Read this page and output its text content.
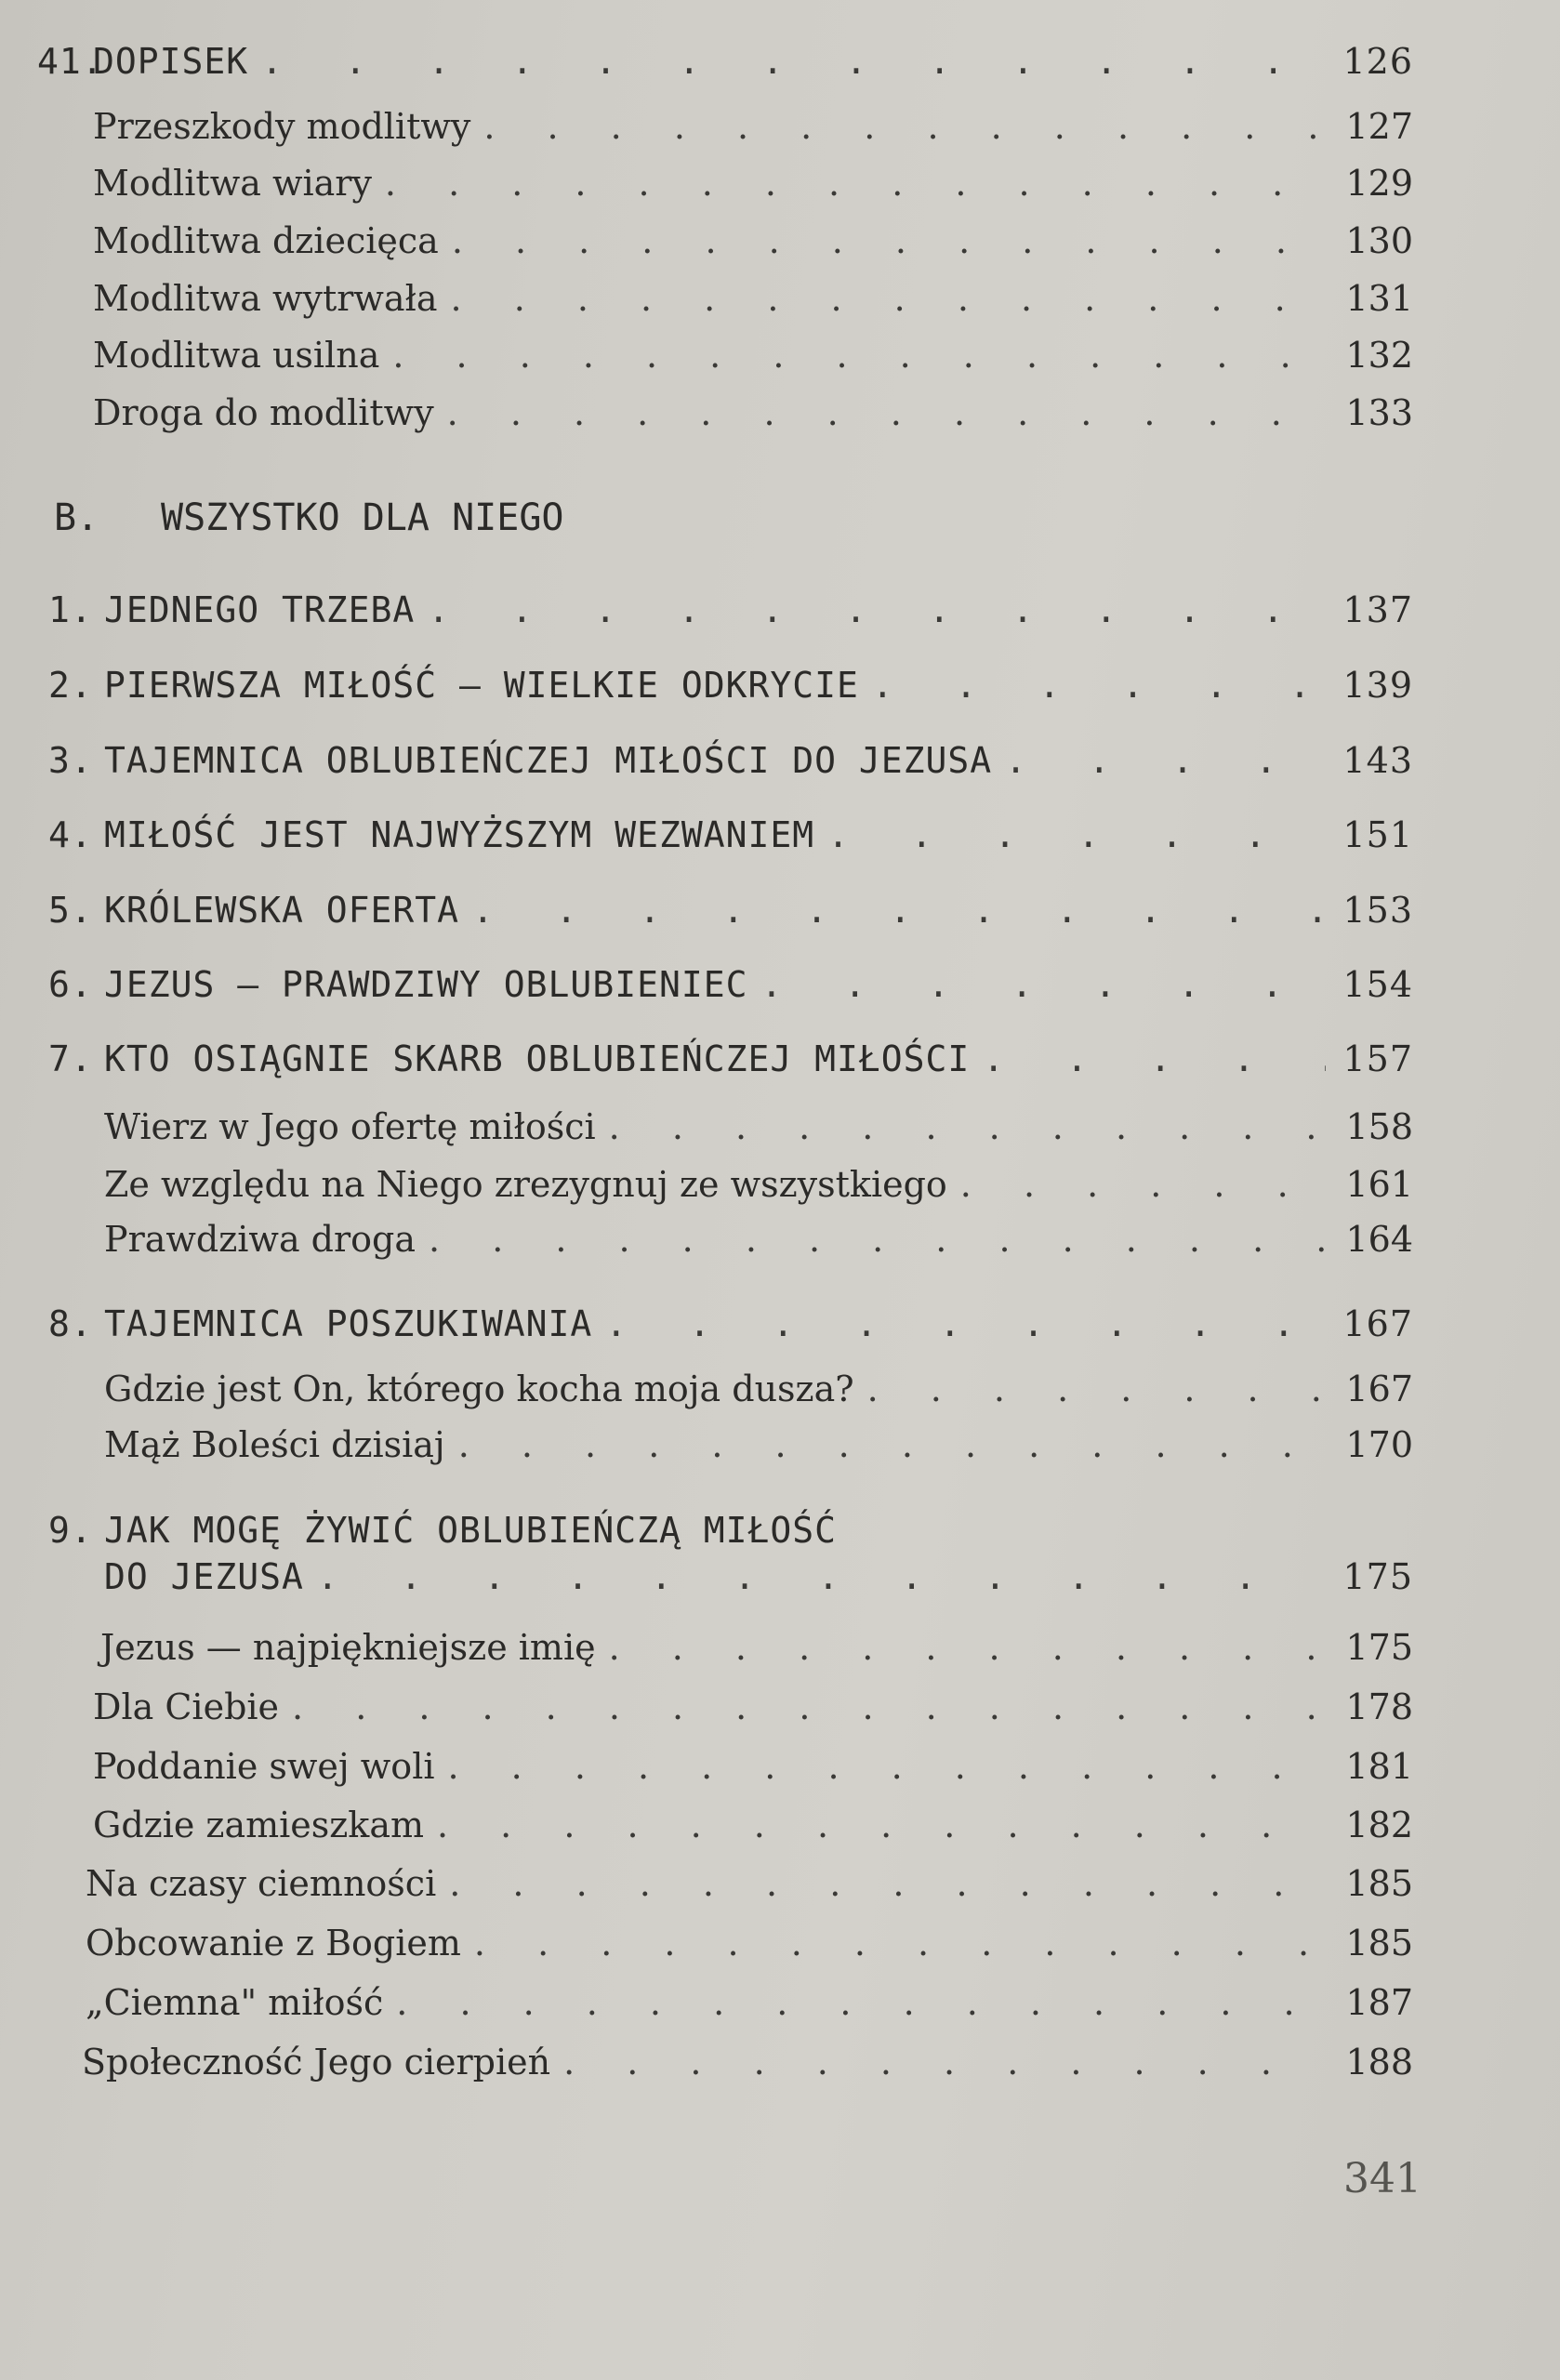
B.	WSZYSTKO DLA NIEGO
41.
DOPISEK . . .	126
Przeszkody modlitwy . . .	127
Modlitwa wiary . . .	129
Modlitwa dziecięca . . .	130
Modlitwa wytrwała . . .	131
Modlitwa usilna . . .	132
Droga do modlitwy . . .	133
1. JEDNEGO TRZEBA . . .	137
2. PIERWSZA MIŁOŚĆ — WIELKIE ODKRYCIE . . .	139
3. TAJEMNICA OBLUBIEŃCZEJ MIŁOŚCI DO JEZUSA . . .	143
4. MIŁOŚĆ JEST NAJWYŻSZYM WEZWANIEM . . .	151
5. KRÓLEWSKA OFERTA . . .	153
6. JEZUS — PRAWDZIWY OBLUBIENIEC . . .	154
7. KTO OSIĄGNIE SKARB OBLUBIEŃCZEJ MIŁOŚCI . . .	157
Wierz w Jego ofertę miłości . . .	158
Ze względu na Niego zrezygnuj ze wszystkiego . . .	161
Prawdziwa droga . . .	164
8. TAJEMNICA POSZUKIWANIA . . .	167
Gdzie jest On, którego kocha moja dusza? . . .	167
Mąż Boleści dzisiaj . . .	170
9. JAK MOGĘ ŻYWIĆ OBLUBIEŃCZĄ MIŁOŚĆ
DO JEZUSA . . .	175
Jezus — najpiękniejsze imię . . .	175
Dla Ciebie . . .	178
Poddanie swej woli . . .	181
Gdzie zamieszkam . . .	182
Na czasy ciemności . . .	185
Obcowanie z Bogiem . . .	185
„Ciemna" miłość . . .	187
Społeczność Jego cierpień . . .	188
341
